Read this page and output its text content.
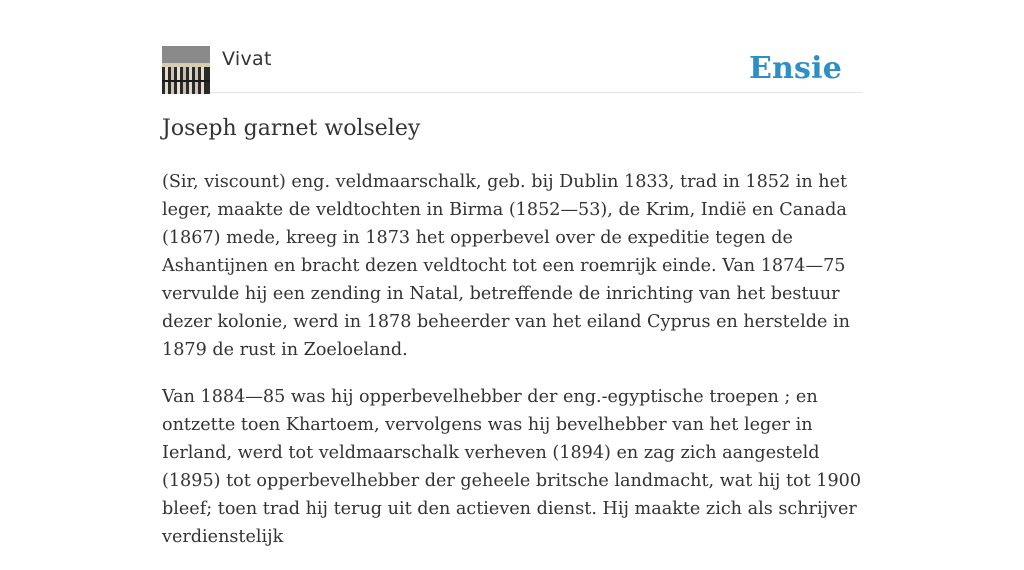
Vivat	Ensie
Joseph garnet wolseley

(Sir, viscount) eng. veldmaarschalk, geb. bij Dublin 1833, trad in 1852 in het leger, maakte de veldtochten in Birma (1852—53), de Krim, Indië en Canada (1867) mede, kreeg in 1873 het opperbevel over de expeditie tegen de Ashantijnen en bracht dezen veldtocht tot een roemrijk einde. Van 1874—75 vervulde hij een zending in Natal, betreffende de inrichting van het bestuur dezer kolonie, werd in 1878 beheerder van het eiland Cyprus en herstelde in 1879 de rust in Zoeloeland.

Van 1884—85 was hij opperbevelhebber der eng.-egyptische troepen ; en ontzette toen Khartoem, vervolgens was hij bevelhebber van het leger in Ierland, werd tot veldmaarschalk verheven (1894) en zag zich aangesteld (1895) tot opperbevelhebber der geheele britsche landmacht, wat hij tot 1900 bleef; toen trad hij terug uit den actieven dienst. Hij maakte zich als schrijver verdienstelijk
